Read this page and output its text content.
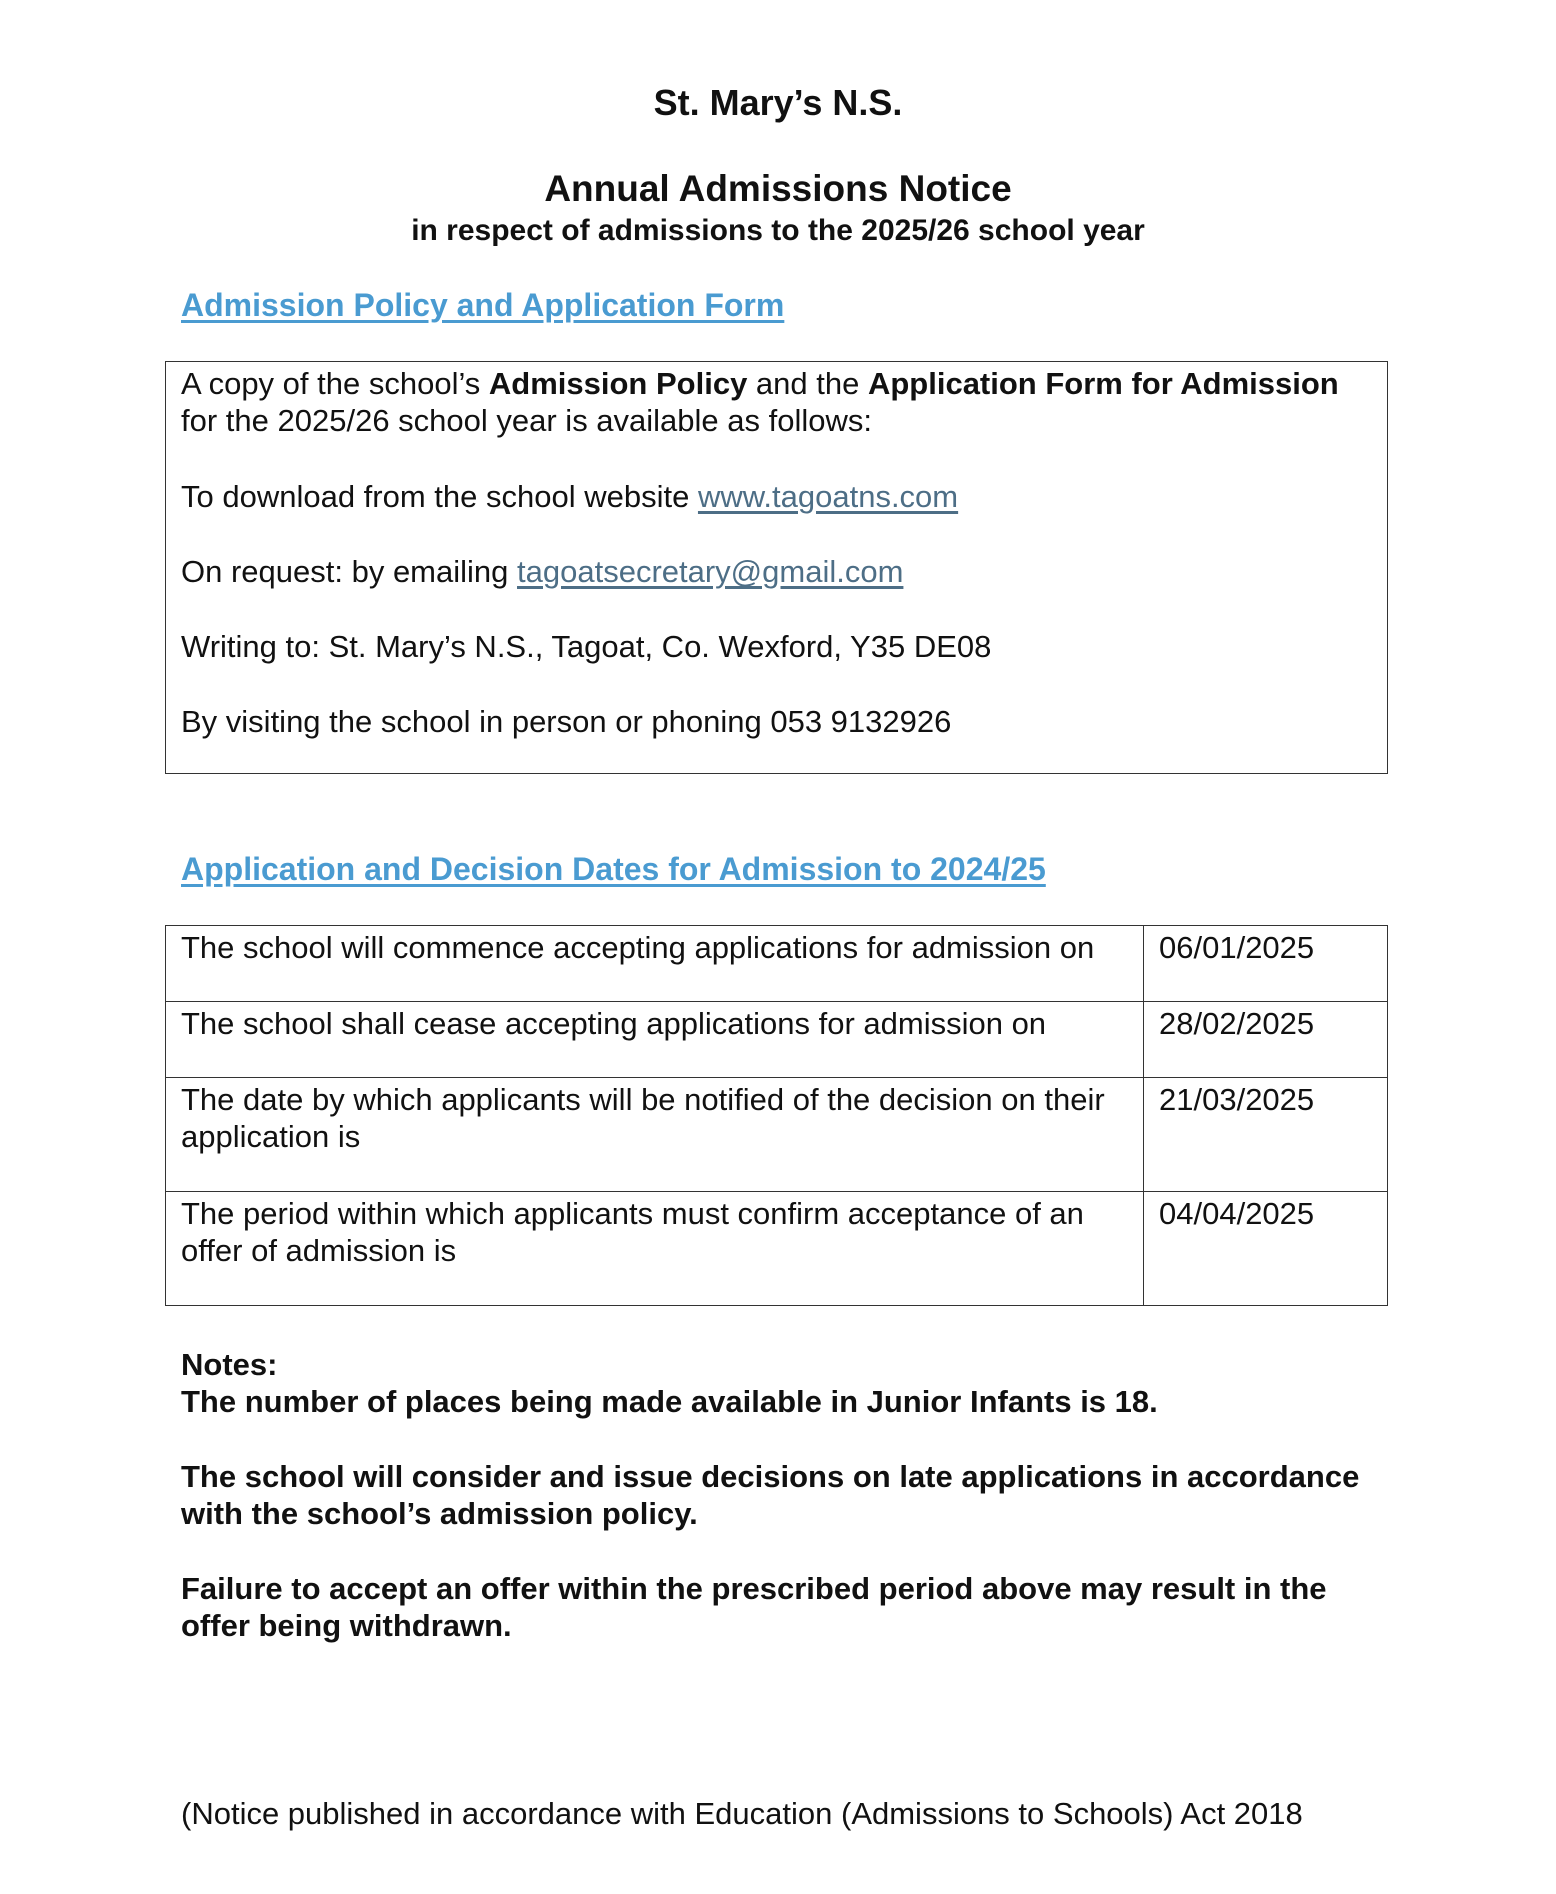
St. Mary’s N.S.
Annual Admissions Notice
in respect of admissions to the 2025/26 school year
Admission Policy and Application Form

A copy of the school’s Admission Policy and the Application Form for Admission for the 2025/26 school year is available as follows:

To download from the school website www.tagoatns.com

On request: by emailing tagoatsecretary@gmail.com

Writing to: St. Mary’s N.S., Tagoat, Co. Wexford, Y35 DE08

By visiting the school in person or phoning 053 9132926

Application and Decision Dates for Admission to 2024/25
The school will commence accepting applications for admission on	06/01/2025
The school shall cease accepting applications for admission on	28/02/2025
The date by which applicants will be notified of the decision on their application is	21/03/2025
The period within which applicants must confirm acceptance of an offer of admission is	04/04/2025

Notes:

The number of places being made available in Junior Infants is 18.

The school will consider and issue decisions on late applications in accordance with the school’s admission policy.

Failure to accept an offer within the prescribed period above may result in the offer being withdrawn.

(Notice published in accordance with Education (Admissions to Schools) Act 2018
